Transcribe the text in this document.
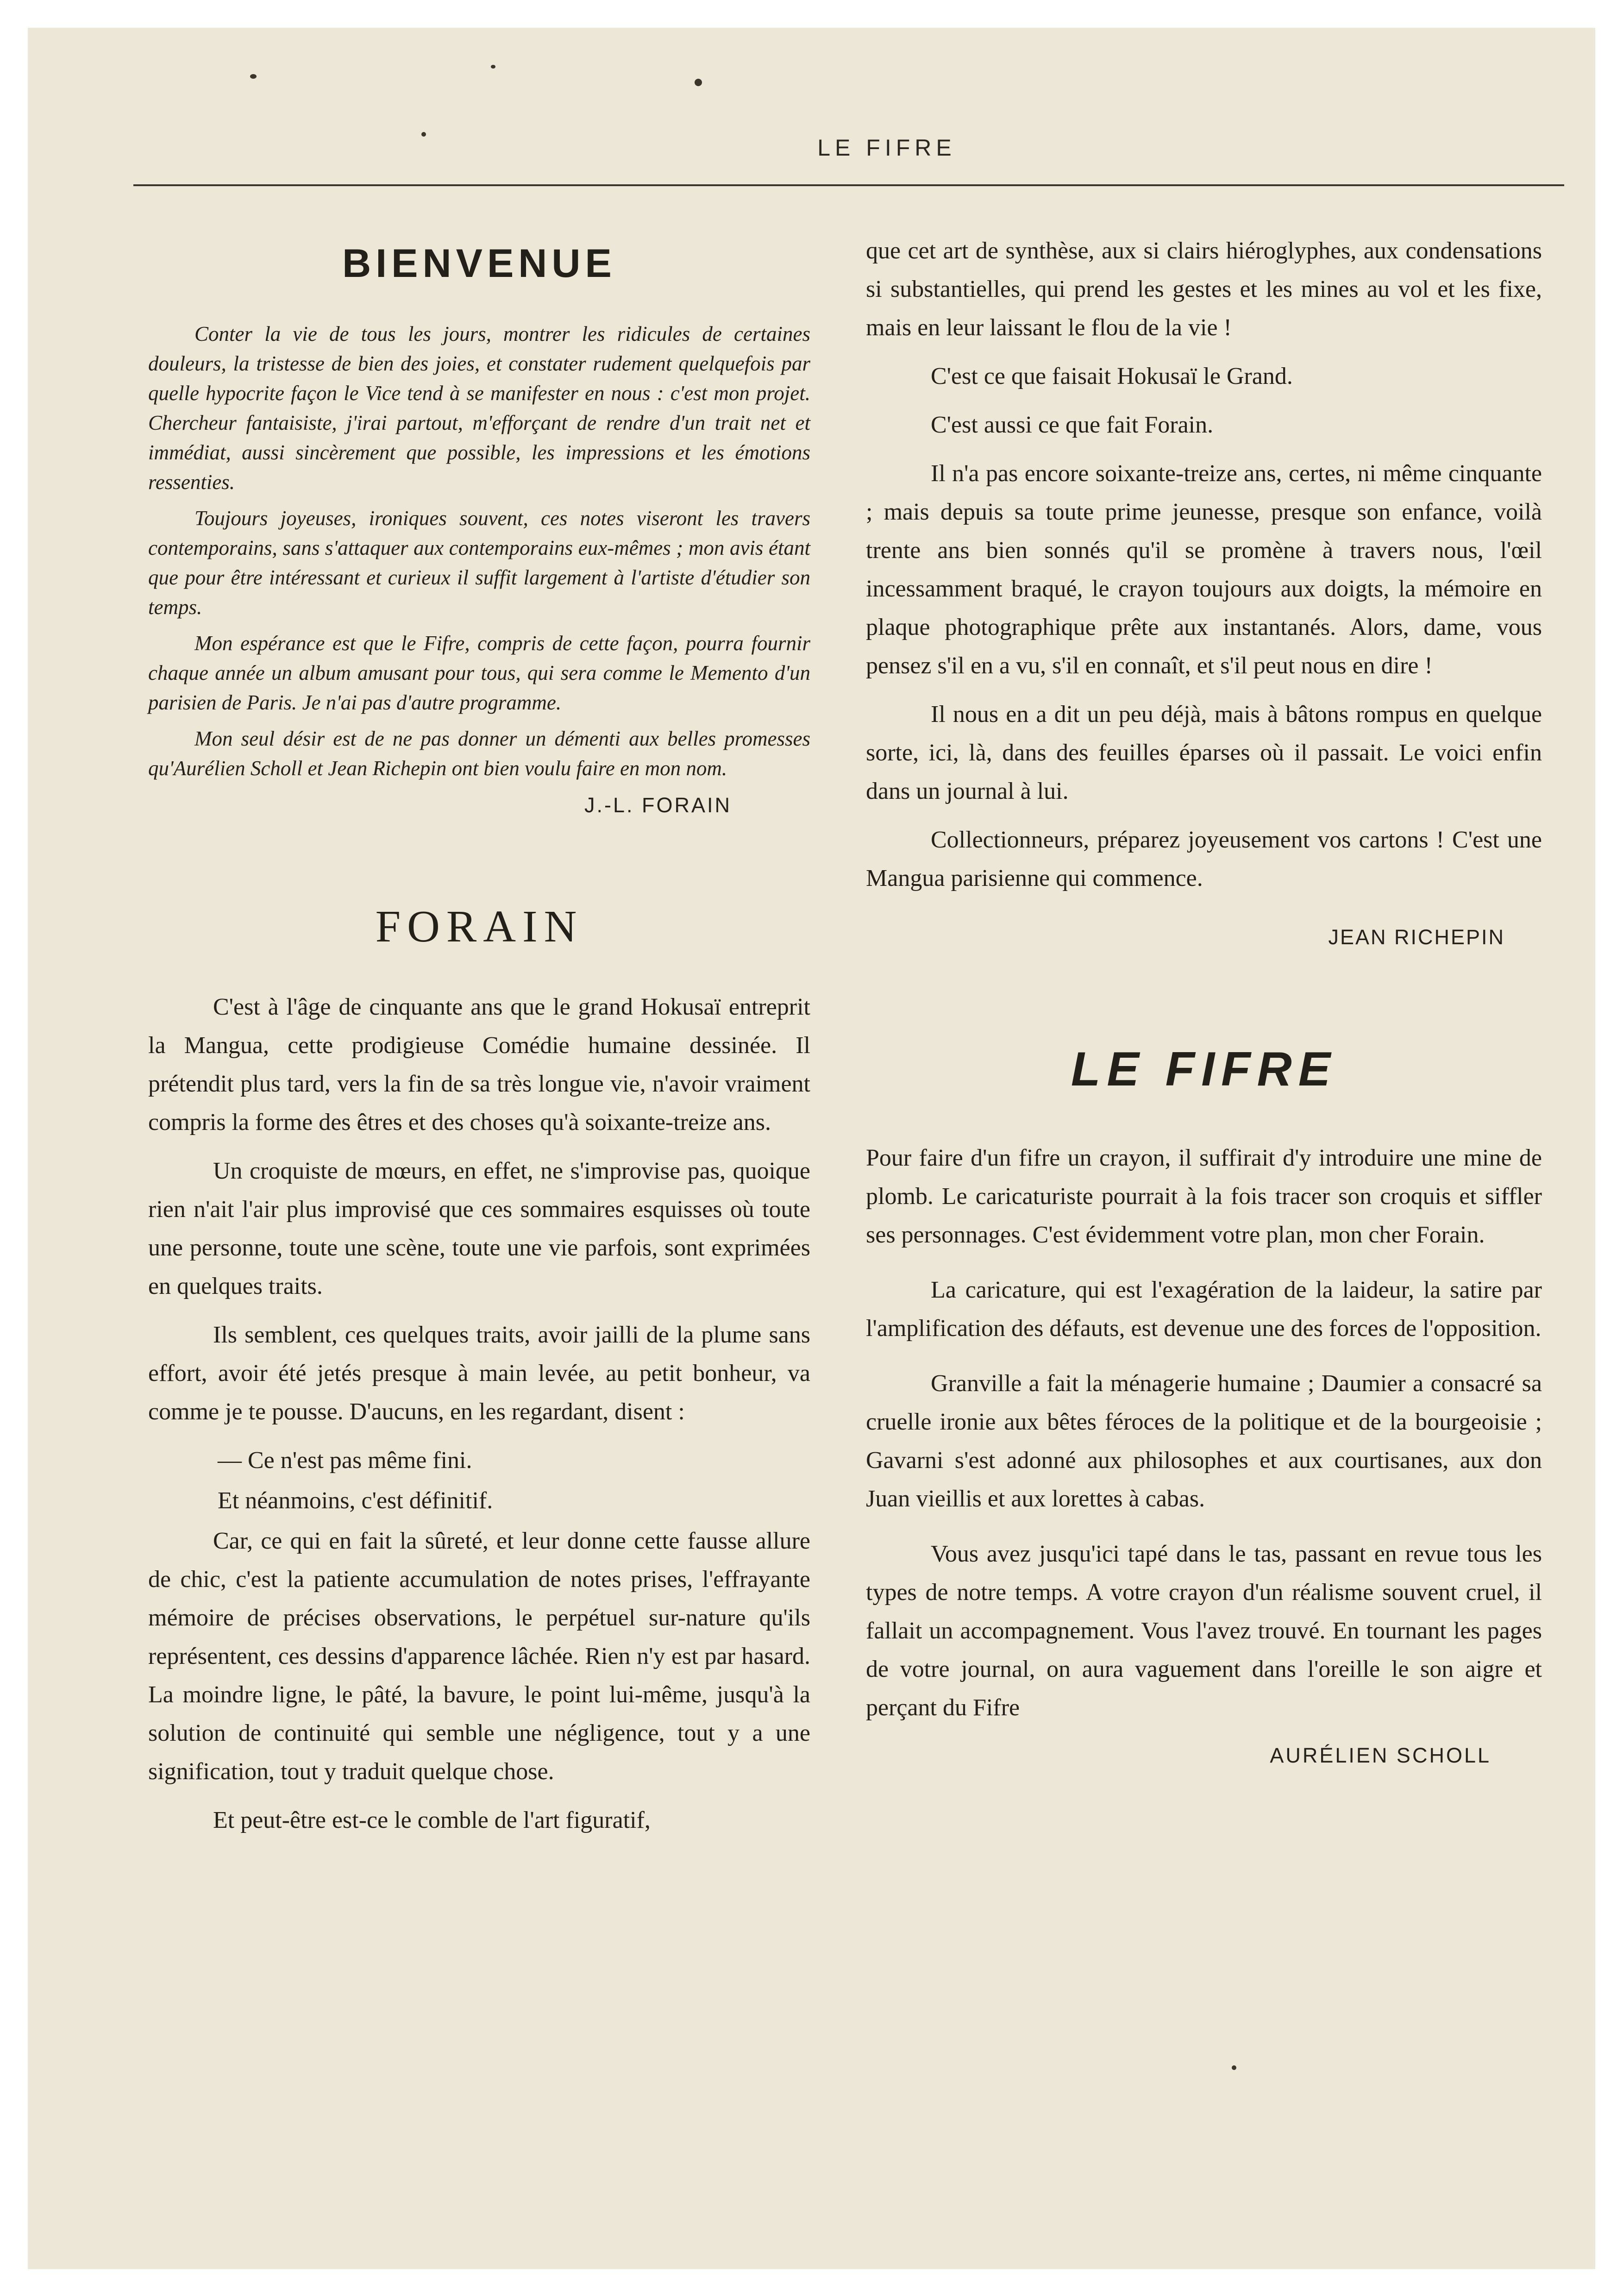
LE FIFRE
BIENVENUE

Conter la vie de tous les jours, montrer les ridicules de certaines douleurs, la tristesse de bien des joies, et constater rudement quelquefois par quelle hypocrite façon le Vice tend à se manifester en nous : c'est mon projet. Chercheur fantaisiste, j'irai partout, m'efforçant de rendre d'un trait net et immédiat, aussi sincèrement que possible, les impressions et les émotions ressenties.

Toujours joyeuses, ironiques souvent, ces notes viseront les travers contemporains, sans s'attaquer aux contemporains eux-mêmes ; mon avis étant que pour être intéressant et curieux il suffit largement à l'artiste d'étudier son temps.

Mon espérance est que le Fifre, compris de cette façon, pourra fournir chaque année un album amusant pour tous, qui sera comme le Memento d'un parisien de Paris. Je n'ai pas d'autre programme.

Mon seul désir est de ne pas donner un démenti aux belles promesses qu'Aurélien Scholl et Jean Richepin ont bien voulu faire en mon nom.

J.-L. FORAIN
FORAIN

C'est à l'âge de cinquante ans que le grand Hokusaï entreprit la Mangua, cette prodigieuse Comédie humaine dessinée. Il prétendit plus tard, vers la fin de sa très longue vie, n'avoir vraiment compris la forme des êtres et des choses qu'à soixante-treize ans.

Un croquiste de mœurs, en effet, ne s'improvise pas, quoique rien n'ait l'air plus improvisé que ces sommaires esquisses où toute une personne, toute une scène, toute une vie parfois, sont exprimées en quelques traits.

Ils semblent, ces quelques traits, avoir jailli de la plume sans effort, avoir été jetés presque à main levée, au petit bonheur, va comme je te pousse. D'aucuns, en les regardant, disent :

— Ce n'est pas même fini.

Et néanmoins, c'est définitif.

Car, ce qui en fait la sûreté, et leur donne cette fausse allure de chic, c'est la patiente accumulation de notes prises, l'effrayante mémoire de précises observations, le perpétuel sur-nature qu'ils représentent, ces dessins d'apparence lâchée. Rien n'y est par hasard. La moindre ligne, le pâté, la bavure, le point lui-même, jusqu'à la solution de continuité qui semble une négligence, tout y a une signification, tout y traduit quelque chose.

Et peut-être est-ce le comble de l'art figuratif,

que cet art de synthèse, aux si clairs hiéroglyphes, aux condensations si substantielles, qui prend les gestes et les mines au vol et les fixe, mais en leur laissant le flou de la vie !

C'est ce que faisait Hokusaï le Grand.

C'est aussi ce que fait Forain.

Il n'a pas encore soixante-treize ans, certes, ni même cinquante ; mais depuis sa toute prime jeunesse, presque son enfance, voilà trente ans bien sonnés qu'il se promène à travers nous, l'œil incessamment braqué, le crayon toujours aux doigts, la mémoire en plaque photographique prête aux instantanés. Alors, dame, vous pensez s'il en a vu, s'il en connaît, et s'il peut nous en dire !

Il nous en a dit un peu déjà, mais à bâtons rompus en quelque sorte, ici, là, dans des feuilles éparses où il passait. Le voici enfin dans un journal à lui.

Collectionneurs, préparez joyeusement vos cartons ! C'est une Mangua parisienne qui commence.

JEAN RICHEPIN
LE FIFRE

Pour faire d'un fifre un crayon, il suffirait d'y introduire une mine de plomb. Le caricaturiste pourrait à la fois tracer son croquis et siffler ses personnages. C'est évidemment votre plan, mon cher Forain.

La caricature, qui est l'exagération de la laideur, la satire par l'amplification des défauts, est devenue une des forces de l'opposition.

Granville a fait la ménagerie humaine ; Daumier a consacré sa cruelle ironie aux bêtes féroces de la politique et de la bourgeoisie ; Gavarni s'est adonné aux philosophes et aux courtisanes, aux don Juan vieillis et aux lorettes à cabas.

Vous avez jusqu'ici tapé dans le tas, passant en revue tous les types de notre temps. A votre crayon d'un réalisme souvent cruel, il fallait un accompagnement. Vous l'avez trouvé. En tournant les pages de votre journal, on aura vaguement dans l'oreille le son aigre et perçant du Fifre

AURÉLIEN SCHOLL
